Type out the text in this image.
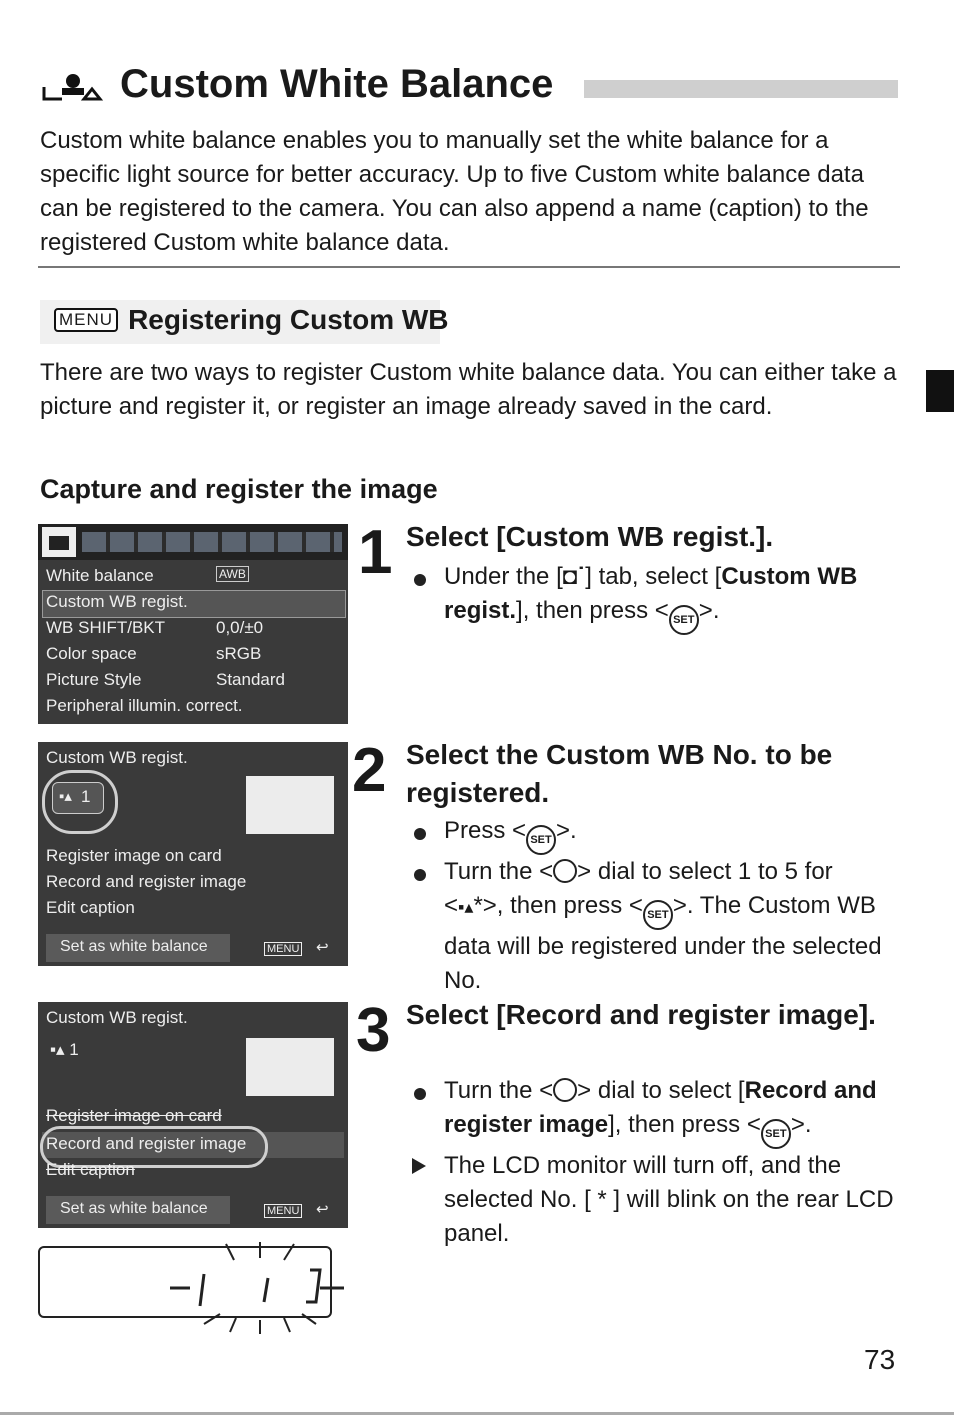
Custom White Balance
Custom white balance enables you to manually set the white balance for a specific light source for better accuracy. Up to five Custom white balance data can be registered to the camera. You can also append a name (caption) to the registered Custom white balance data.
MENU Registering Custom WB
There are two ways to register Custom white balance data. You can either take a picture and register it, or register an image already saved in the card.
Capture and register the image
White balance	AWB
Custom WB regist.
WB SHIFT/BKT	0,0/±0
Color space	sRGB
Picture Style	Standard
Peripheral illumin. correct.
Custom WB regist.
▪▴ 1
Register image on card
Record and register image
Edit caption
Set as white balance	MENU ↩
Custom WB regist.
▪▴ 1
Register image on card
Record and register image
Edit caption
Set as white balance	MENU ↩
1 Select [Custom WB regist.].
Under the [◘˙] tab, select [Custom WB regist.], then press < SET >.
2 Select the Custom WB No. to be registered.
Press < SET >.
Turn the < > dial to select 1 to 5 for <▪▴*>, then press < SET >. The Custom WB data will be registered under the selected No.
3 Select [Record and register image].
Turn the < > dial to select [Record and register image], then press < SET >.
The LCD monitor will turn off, and the selected No. [ * ] will blink on the rear LCD panel.
73
